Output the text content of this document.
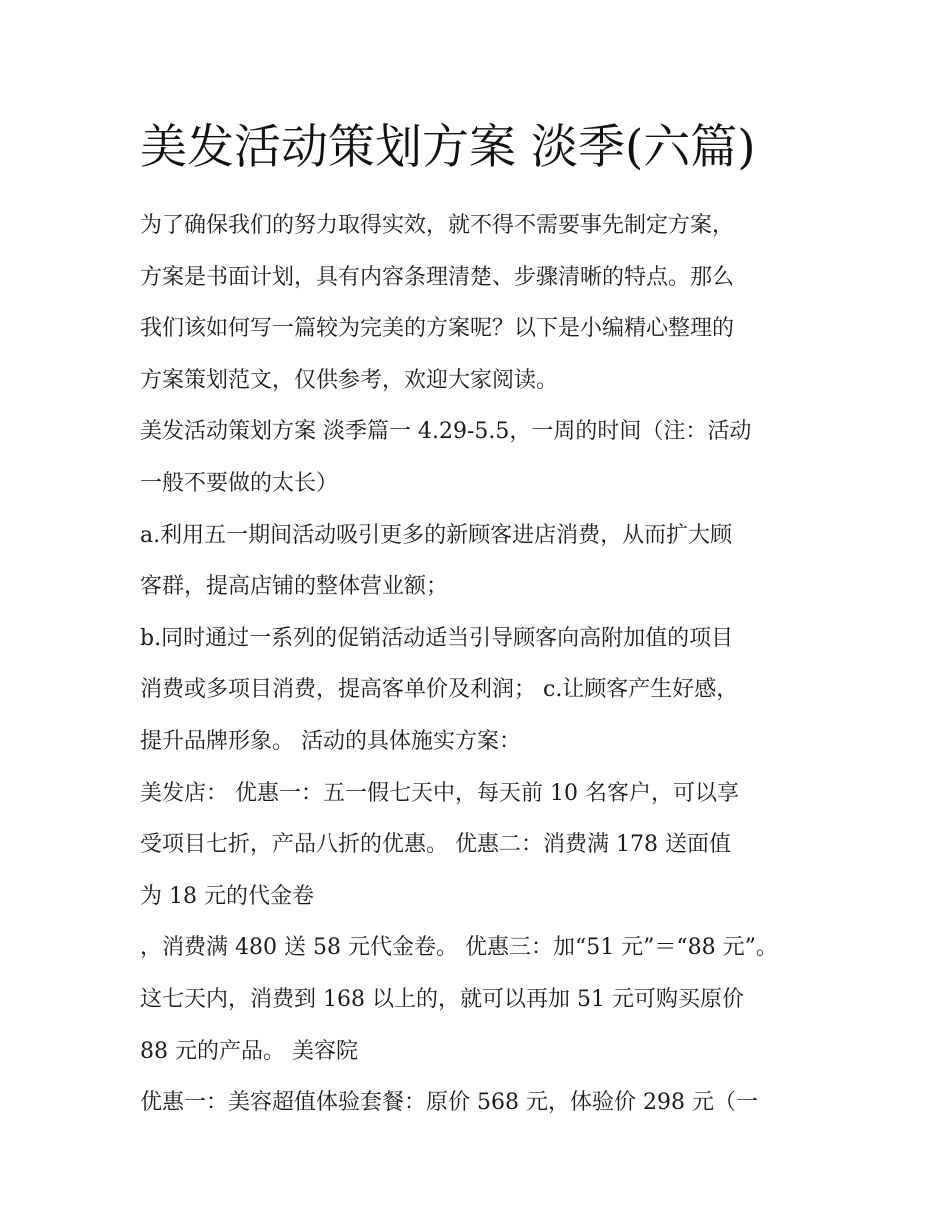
美发活动策划方案 淡季(六篇)
为了确保我们的努力取得实效，就不得不需要事先制定方案，
方案是书面计划，具有内容条理清楚、步骤清晰的特点。那么
我们该如何写一篇较为完美的方案呢？以下是小编精心整理的
方案策划范文，仅供参考，欢迎大家阅读。
美发活动策划方案 淡季篇一 4.29-5.5，一周的时间（注：活动
一般不要做的太长）
a.利用五一期间活动吸引更多的新顾客进店消费，从而扩大顾
客群，提高店铺的整体营业额；
b.同时通过一系列的促销活动适当引导顾客向高附加值的项目
消费或多项目消费，提高客单价及利润； c.让顾客产生好感，
提升品牌形象。 活动的具体施实方案：
美发店： 优惠一：五一假七天中，每天前 10 名客户，可以享
受项目七折，产品八折的优惠。 优惠二：消费满 178 送面值
为 18 元的代金卷
，消费满 480 送 58 元代金卷。 优惠三：加“51 元”＝“88 元”。
这七天内，消费到 168 以上的，就可以再加 51 元可购买原价
88 元的产品。 美容院
优惠一：美容超值体验套餐：原价 568 元，体验价 298 元（一
